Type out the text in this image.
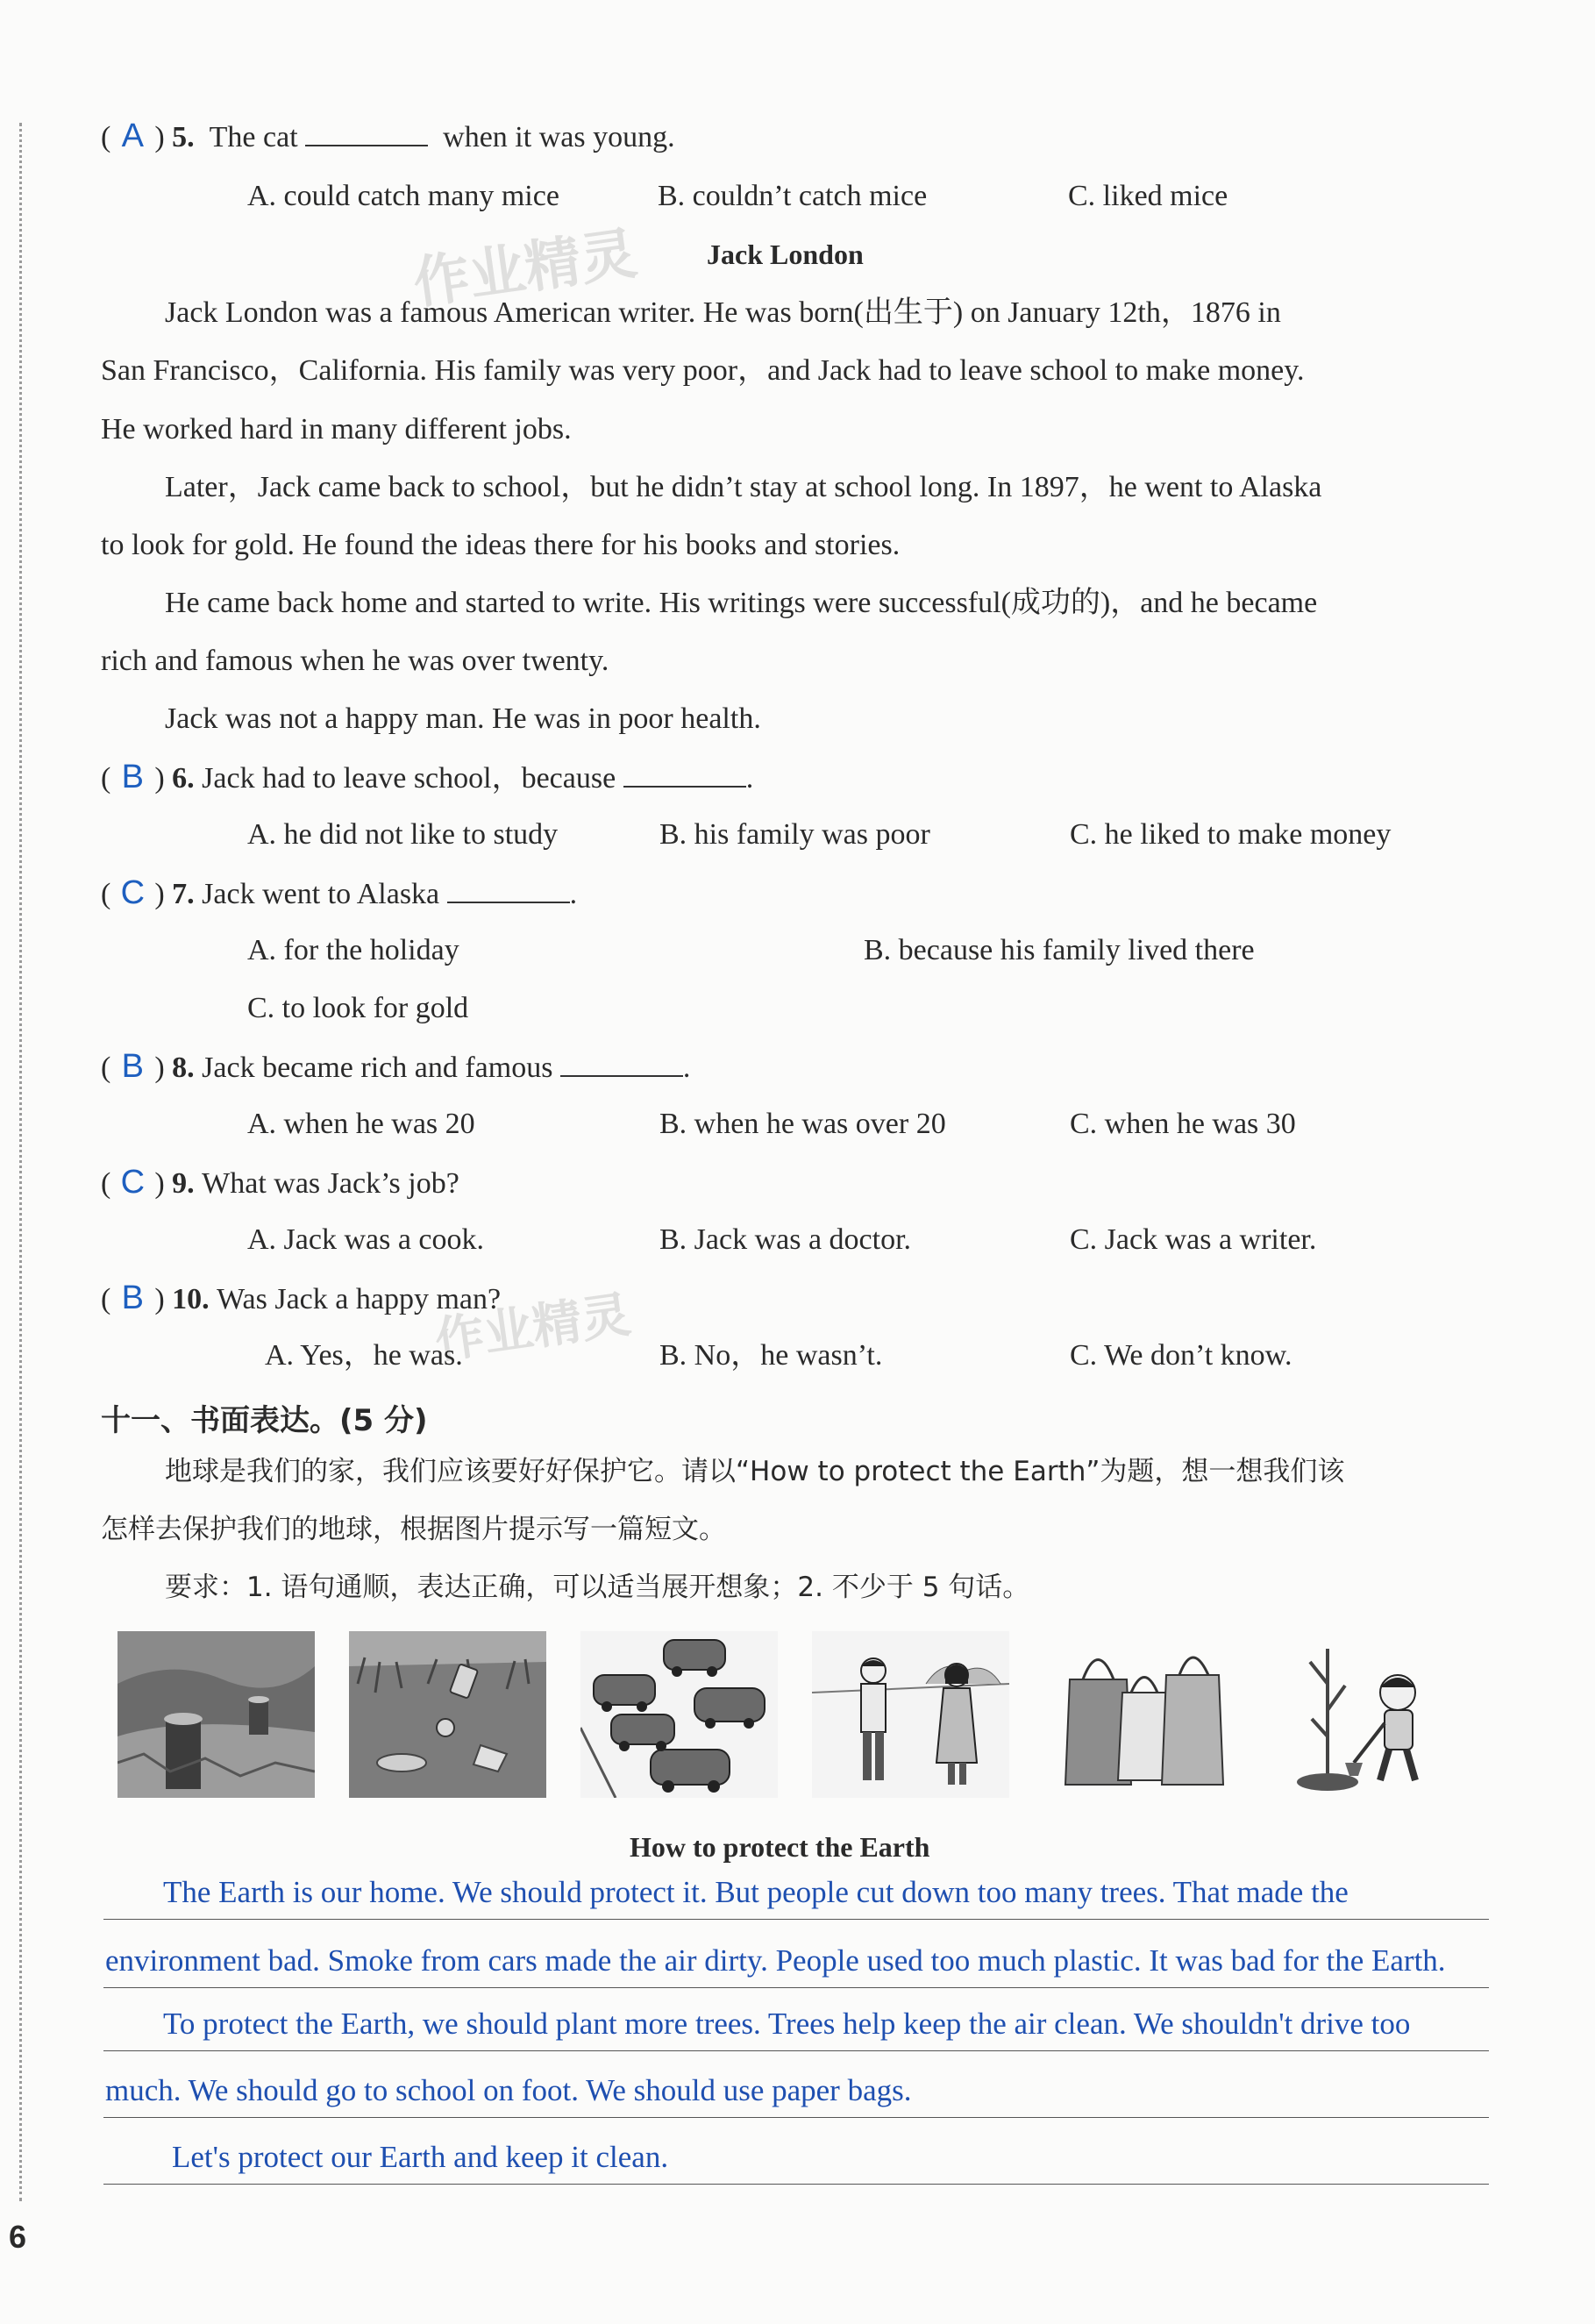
( A ) 5. The cat	when it was young.
A. could catch many mice	B. couldn’t catch mice	C. liked mice
作业精灵 Jack London
Jack London was a famous American writer. He was born(出生于) on January 12th，1876 in
San Francisco，California. His family was very poor，and Jack had to leave school to make money.
He worked hard in many different jobs.
Later，Jack came back to school，but he didn’t stay at school long. In 1897，he went to Alaska
to look for gold. He found the ideas there for his books and stories.
He came back home and started to write. His writings were successful(成功的)，and he became
rich and famous when he was over twenty.
Jack was not a happy man. He was in poor health.
( B ) 6. Jack had to leave school，because	.
A. he did not like to study	B. his family was poor	C. he liked to make money
( C ) 7. Jack went to Alaska	.
A. for the holiday	B. because his family lived there
C. to look for gold
( B ) 8. Jack became rich and famous	.
A. when he was 20	B. when he was over 20	C. when he was 30
( C ) 9. What was Jack’s job?
A. Jack was a cook.	B. Jack was a doctor.	C. Jack was a writer.
( B ) 10. Was Jack a happy man?
作业精灵
A. Yes，he was.	B. No，he wasn’t.	C. We don’t know.
十一、书面表达。(5 分)
地球是我们的家，我们应该要好好保护它。请以“How to protect the Earth”为题，想一想我们该
怎样去保护我们的地球，根据图片提示写一篇短文。
要求：1. 语句通顺，表达正确，可以适当展开想象；2. 不少于 5 句话。
How to protect the Earth
The Earth is our home. We should protect it. But people cut down too many trees. That made the
environment bad. Smoke from cars made the air dirty. People used too much plastic. It was bad for the Earth.
To protect the Earth, we should plant more trees. Trees help keep the air clean. We shouldn't drive too
much. We should go to school on foot. We should use paper bags.
Let's protect our Earth and keep it clean.
6
